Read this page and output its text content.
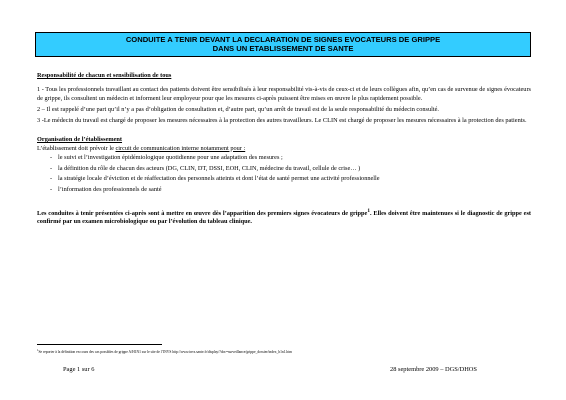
CONDUITE A TENIR DEVANT LA DECLARATION DE SIGNES EVOCATEURS DE GRIPPE
DANS UN ETABLISSEMENT DE SANTE
Responsabilité de chacun et sensibilisation de tous
1 - Tous les professionnels travaillant au contact des patients doivent être sensibilisés à leur responsabilité vis-à-vis de ceux-ci et de leurs collègues afin, qu’en cas de survenue de signes évocateurs de grippe, ils consultent un médecin et informent leur employeur pour que les mesures ci-après puissent être mises en œuvre le plus rapidement possible.
2 – Il est rappelé d’une part qu’il n’y a pas d’obligation de consultation et, d’autre part, qu’un arrêt de travail est de la seule responsabilité du médecin consulté.
3 -Le médecin du travail est chargé de proposer les mesures nécessaires à la protection des autres travailleurs. Le CLIN est chargé de proposer les mesures nécessaires à la protection des patients.
Organisation de l’établissement
L’établissement doit prévoir le circuit de communication interne notamment pour :
- le suivi et l’investigation épidémiologique quotidienne pour une adaptation des mesures ;
- la définition du rôle de chacun des acteurs (DG, CLIN, DT, DSSI, EOH, CLIN, médecine du travail, cellule de crise… )
- la stratégie locale d’éviction et de réaffectation des personnels atteints et dont l’état de santé permet une activité professionnelle
- l’information des professionnels de santé
Les conduites à tenir présentées ci-après sont à mettre en œuvre dès l’apparition des premiers signes évocateurs de grippe$^1$. Elles doivent être maintenues si le diagnostic de grippe est confirmé par un examen microbiologique ou par l’évolution du tableau clinique.
$^1$Se reporter à la définition en cours des cas possibles de grippe A/H1N1 sur le site de l’INVS http://www.invs.sante.fr/display/?doc=surveillance/grippe_dossier/index_h1n1.htm
Page 1 sur 6	28 septembre 2009 – DGS/DHOS
